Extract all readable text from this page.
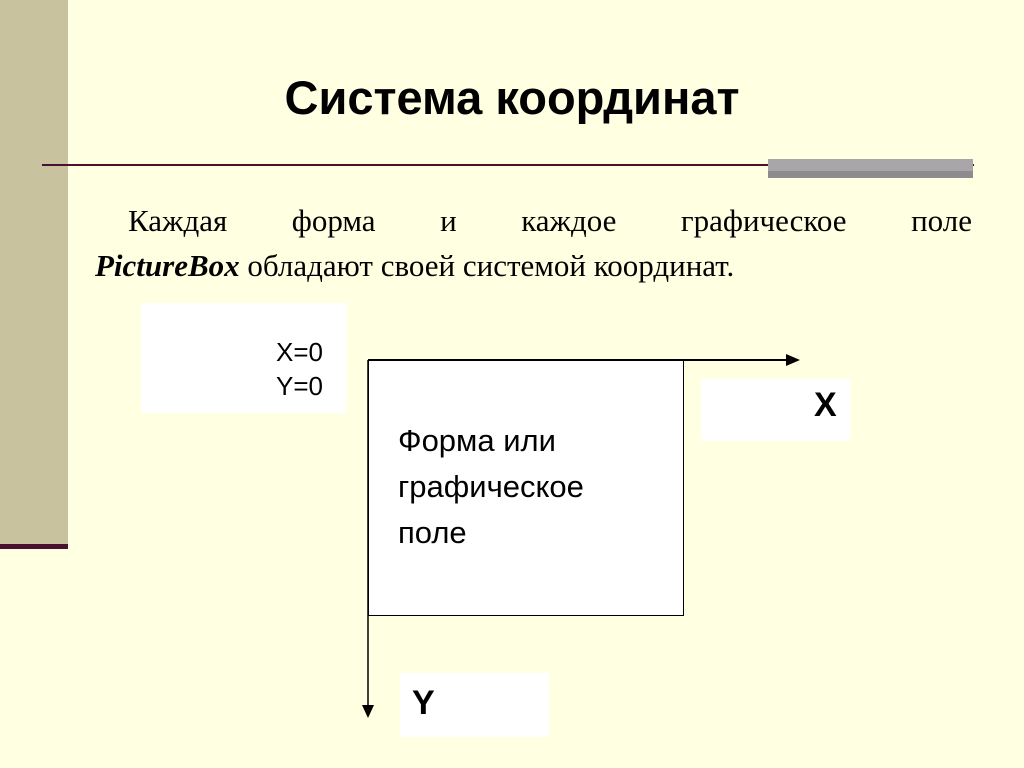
Система координат
Каждая форма и каждое графическое поле
PictureBox обладают своей системой координат.
X=0
Y=0
Форма или
графическое
поле
X
Y
